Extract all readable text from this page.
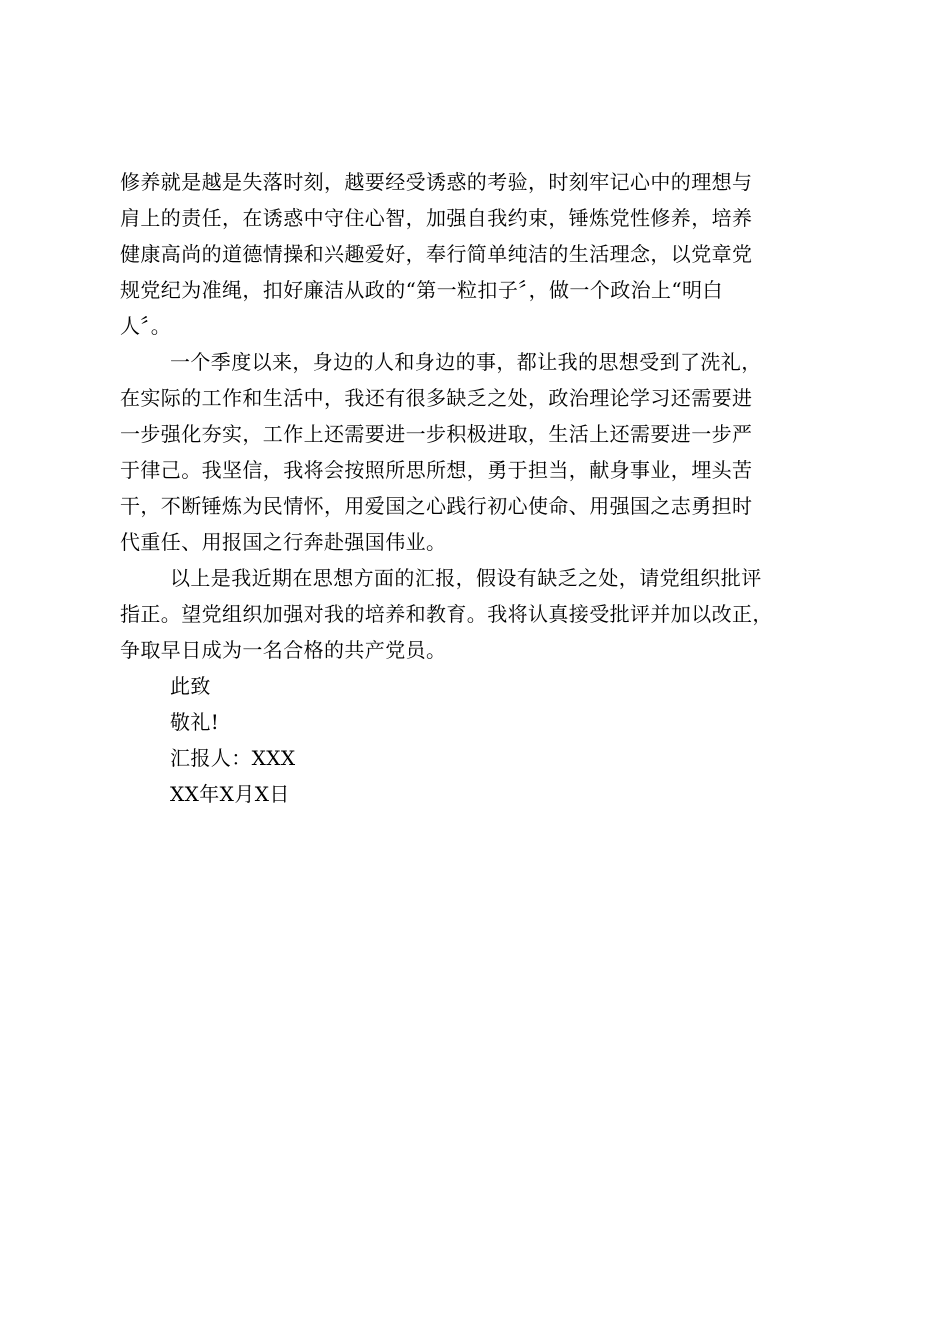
修养就是越是失落时刻，越要经受诱惑的考验，时刻牢记心中的理想与
肩上的责任，在诱惑中守住心智，加强自我约束，锤炼党性修养，培养
健康高尚的道德情操和兴趣爱好，奉行简单纯洁的生活理念，以党章党
规党纪为准绳，扣好廉洁从政的“第一粒扣子〞，做一个政治上“明白
人〞。
一个季度以来，身边的人和身边的事，都让我的思想受到了洗礼，
在实际的工作和生活中，我还有很多缺乏之处，政治理论学习还需要进
一步强化夯实，工作上还需要进一步积极进取，生活上还需要进一步严
于律己。我坚信，我将会按照所思所想，勇于担当，献身事业，埋头苦
干，不断锤炼为民情怀，用爱国之心践行初心使命、用强国之志勇担时
代重任、用报国之行奔赴强国伟业。
以上是我近期在思想方面的汇报，假设有缺乏之处，请党组织批评
指正。望党组织加强对我的培养和教育。我将认真接受批评并加以改正，
争取早日成为一名合格的共产党员。
此致
敬礼!
汇报人：XXX
XX年X月X日
